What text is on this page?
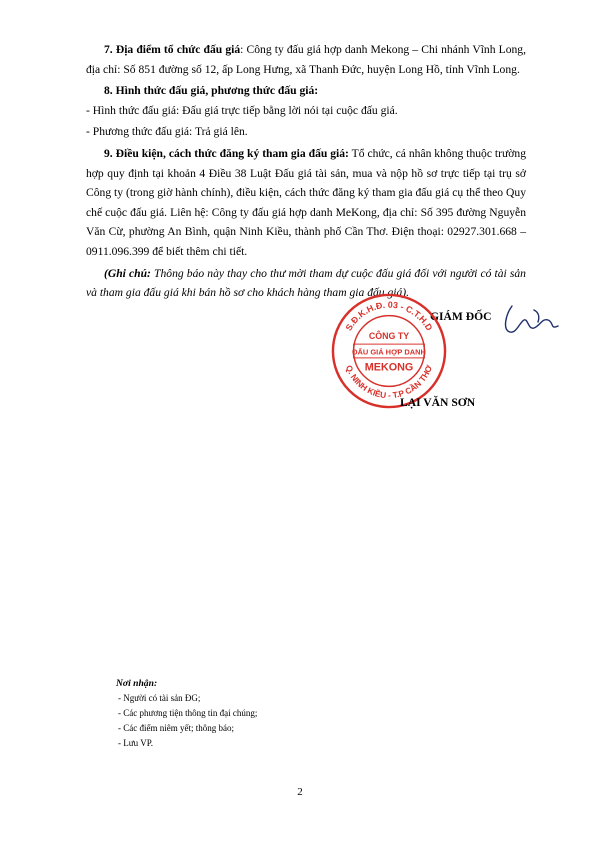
7. Địa điểm tổ chức đấu giá: Công ty đấu giá hợp danh Mekong – Chi nhánh Vĩnh Long, địa chỉ: Số 851 đường số 12, ấp Long Hưng, xã Thanh Đức, huyện Long Hồ, tỉnh Vĩnh Long.

8. Hình thức đấu giá, phương thức đấu giá:

- Hình thức đấu giá: Đấu giá trực tiếp bằng lời nói tại cuộc đấu giá.

- Phương thức đấu giá: Trả giá lên.

9. Điều kiện, cách thức đăng ký tham gia đấu giá: Tổ chức, cá nhân không thuộc trường hợp quy định tại khoản 4 Điều 38 Luật Đấu giá tài sản, mua và nộp hồ sơ trực tiếp tại trụ sở Công ty (trong giờ hành chính), điều kiện, cách thức đăng ký tham gia đấu giá cụ thể theo Quy chế cuộc đấu giá. Liên hệ: Công ty đấu giá hợp danh MeKong, địa chỉ: Số 395 đường Nguyễn Văn Cừ, phường An Bình, quận Ninh Kiều, thành phố Cần Thơ. Điện thoại: 02927.301.668 – 0911.096.399 để biết thêm chi tiết.

(Ghi chú: Thông báo này thay cho thư mời tham dự cuộc đấu giá đối với người có tài sản và tham gia đấu giá khi bán hồ sơ cho khách hàng tham gia đấu giá).

Nơi nhận:
- Người có tài sản ĐG;
- Các phương tiện thông tin đại chúng;
- Các điểm niêm yết; thông báo;
- Lưu VP.
GIÁM ĐỐC
S.Đ.K.H.Đ. 03 - C.T.H.D
Q. NINH KIỀU - T.P CẦN THƠ
CÔNG TY
ĐẤU GIÁ HỢP DANH
MEKONG
LẠI VĂN SƠN
2
